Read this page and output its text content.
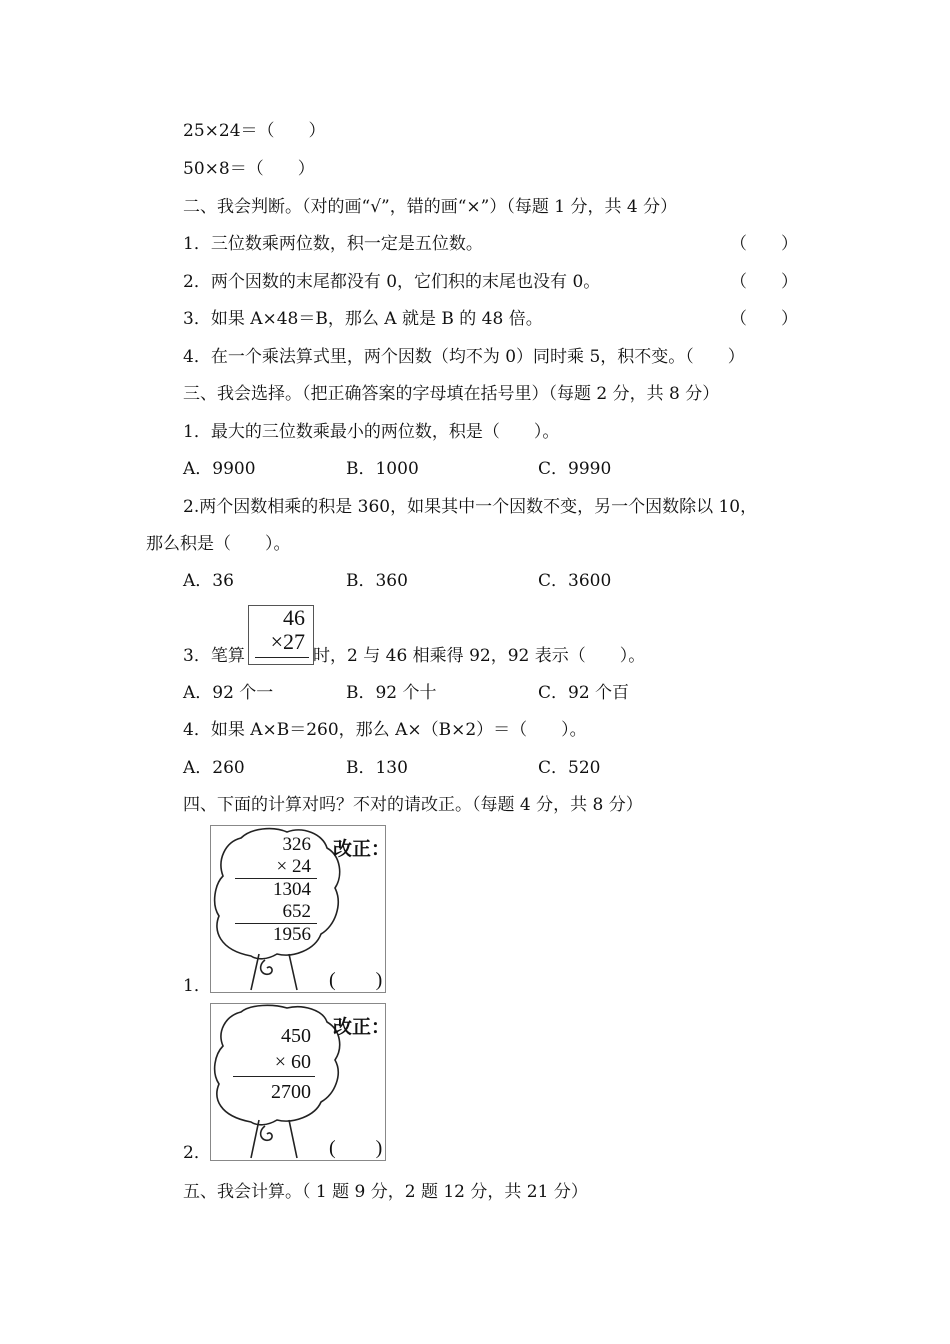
25×24＝（　　）
50×8＝（　　）
二、我会判断。（对的画“√”，错的画“×”）（每题 1 分，共 4 分）
1．三位数乘两位数，积一定是五位数。	（　　）
2．两个因数的末尾都没有 0，它们积的末尾也没有 0。	（　　）
3．如果 A×48＝B，那么 A 就是 B 的 48 倍。	（　　）
4．在一个乘法算式里，两个因数（均不为 0）同时乘 5，积不变。（　　）
三、我会选择。（把正确答案的字母填在括号里）（每题 2 分，共 8 分）
1．最大的三位数乘最小的两位数，积是（　　）。
A．9900	B．1000	C．9990
2.两个因数相乘的积是 360，如果其中一个因数不变，另一个因数除以 10，
那么积是（　　）。
A．36	B．360	C．3600
3．笔算
46
×27
时，2 与 46 相乘得 92，92 表示（　　）。
A．92 个一	B．92 个十	C．92 个百
4．如果 A×B＝260，那么 A×（B×2）＝（　　）。
A．260	B．130	C．520
四、下面的计算对吗？不对的请改正。（每题 4 分，共 8 分）
1．
326
× 24
1304
652
1956
改正：
(　　)
2．
450
× 60
2700
改正：
(　　)
五、我会计算。（ 1 题 9 分，2 题 12 分，共 21 分）
